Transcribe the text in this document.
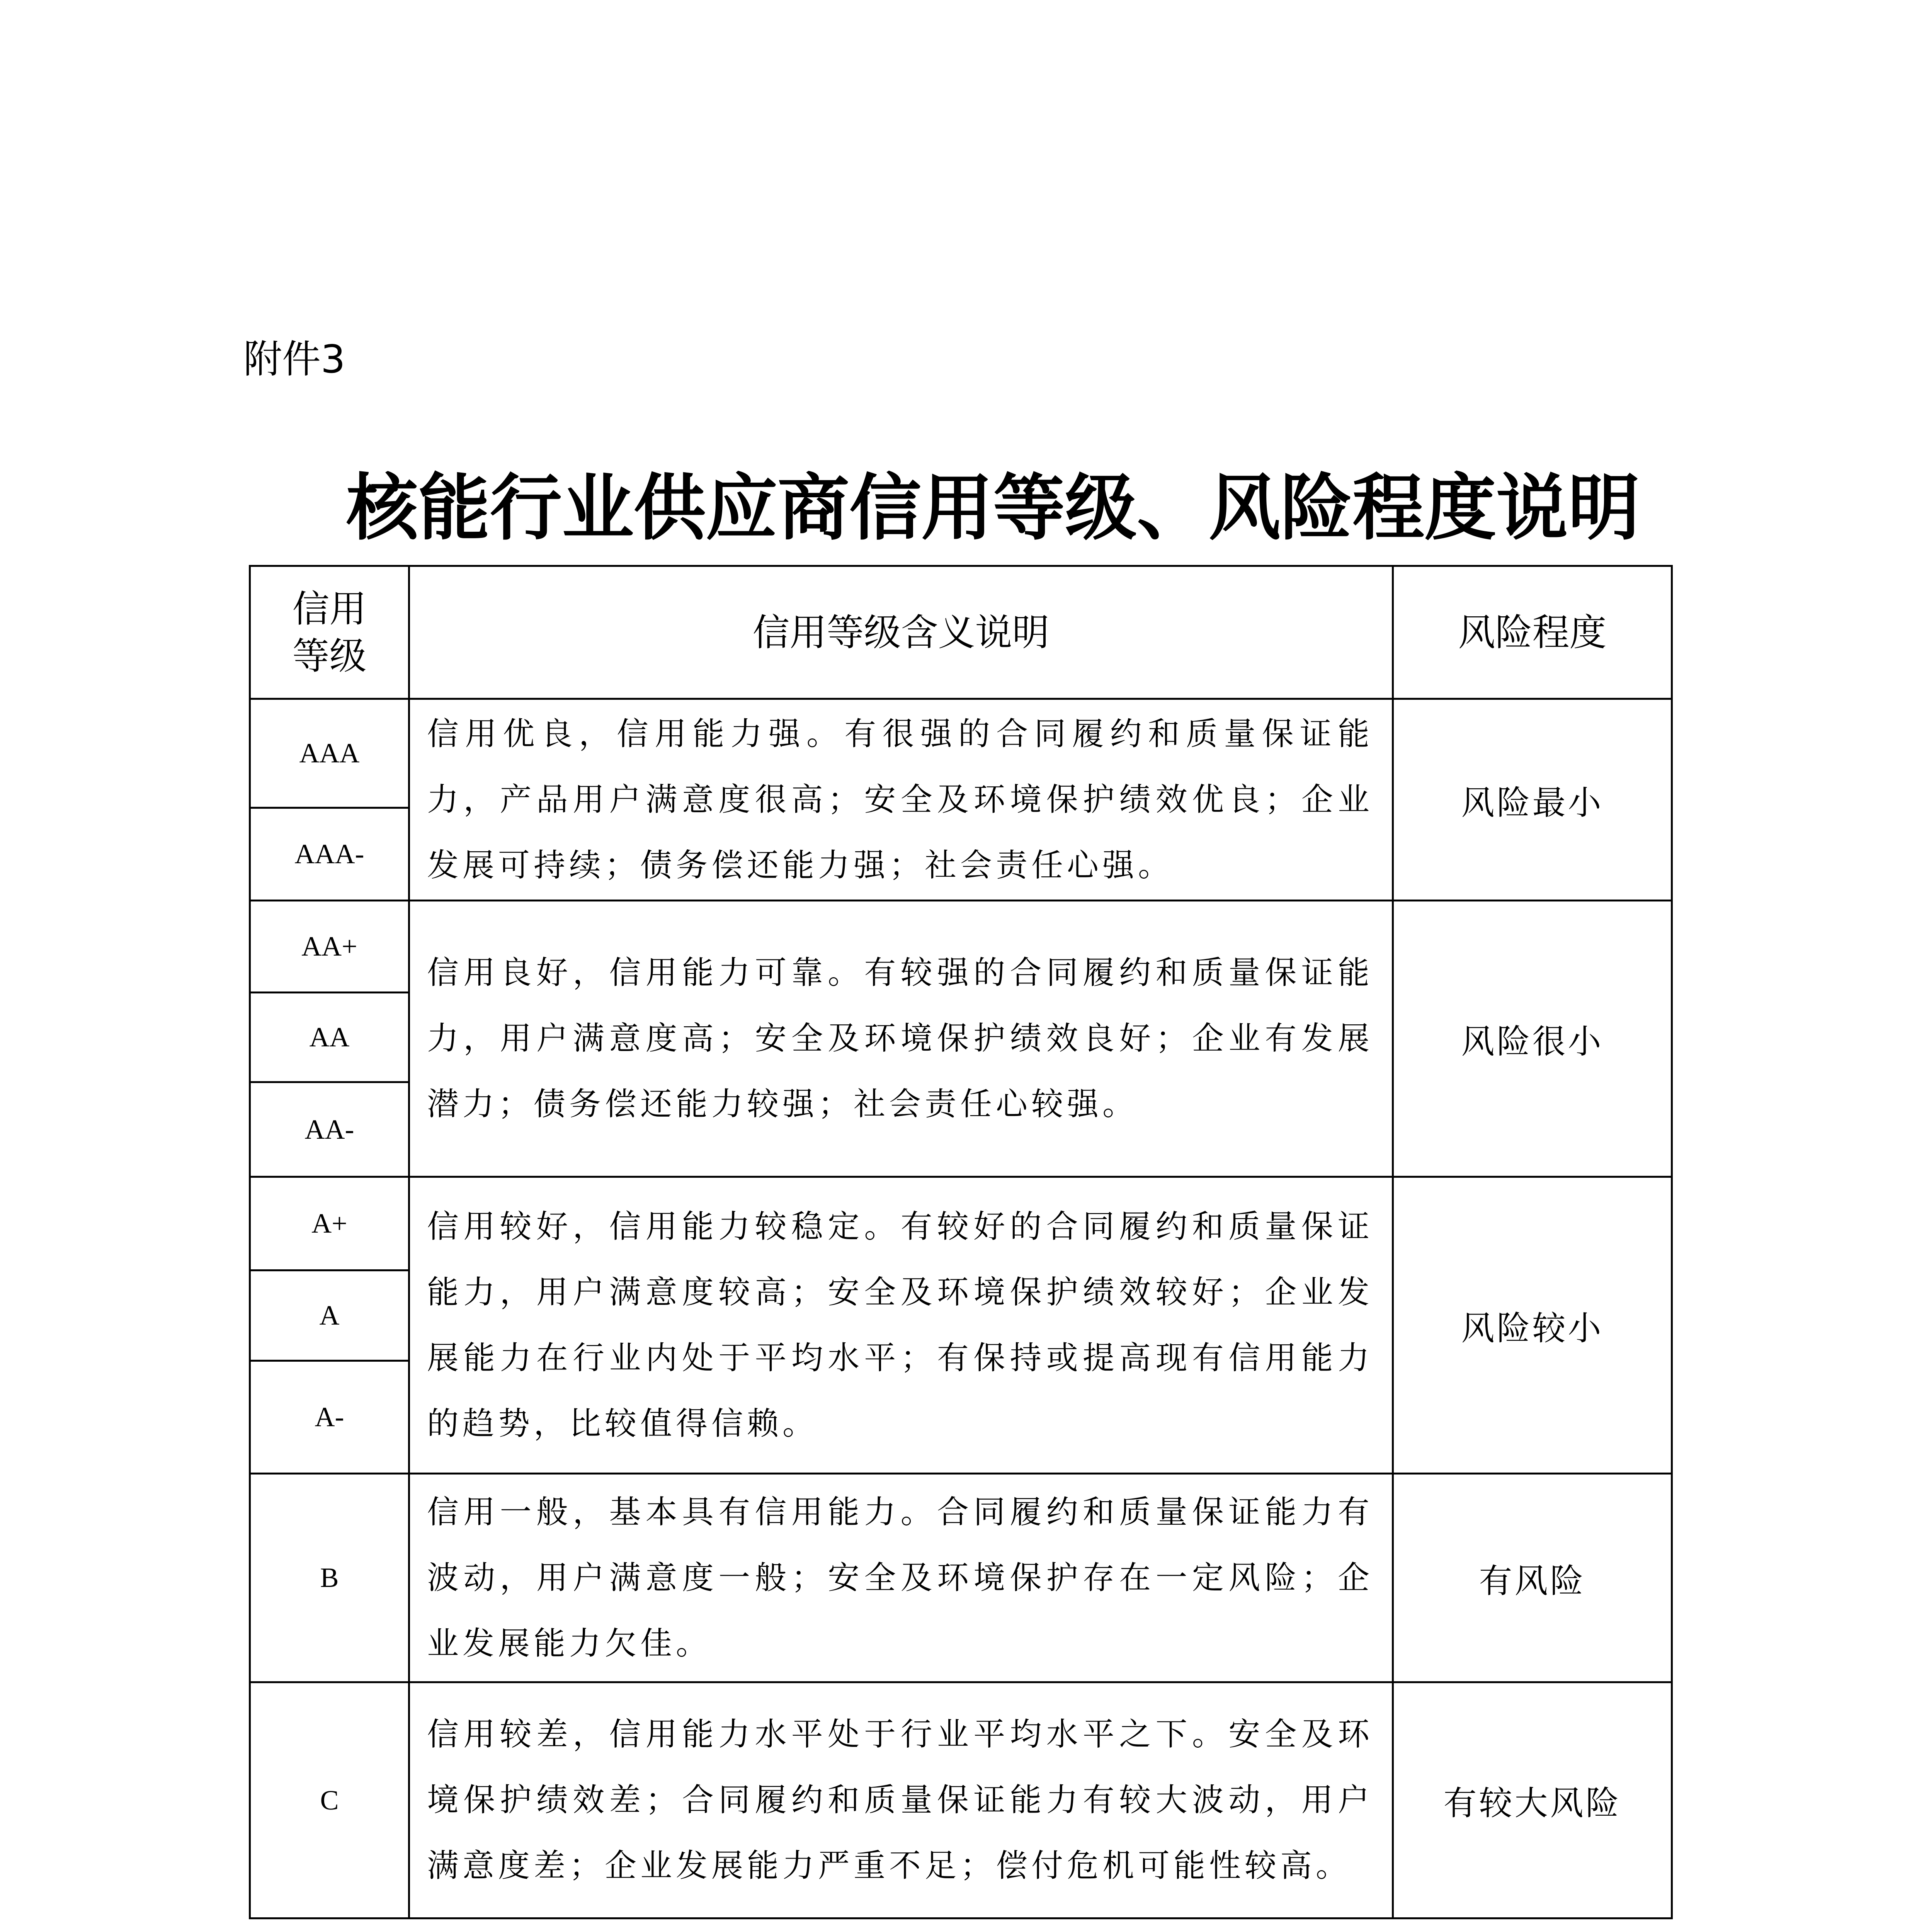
附件3
核能行业供应商信用等级、风险程度说明
信用
等级	信用等级含义说明	风险程度
AAA	信用优良，信用能力强。有很强的合同履约和质量保证能力，产品用户满意度很高；安全及环境保护绩效优良；企业发展可持续；债务偿还能力强；社会责任心强。	风险最小
AAA-		
AA+	信用良好，信用能力可靠。有较强的合同履约和质量保证能力，用户满意度高；安全及环境保护绩效良好；企业有发展潜力；债务偿还能力较强；社会责任心较强。	风险很小
AA		
AA-		
A+	信用较好，信用能力较稳定。有较好的合同履约和质量保证能力，用户满意度较高；安全及环境保护绩效较好；企业发展能力在行业内处于平均水平；有保持或提高现有信用能力的趋势，比较值得信赖。	风险较小
A		
A-		
B	信用一般，基本具有信用能力。合同履约和质量保证能力有波动，用户满意度一般；安全及环境保护存在一定风险；企业发展能力欠佳。	有风险
C	信用较差，信用能力水平处于行业平均水平之下。安全及环境保护绩效差；合同履约和质量保证能力有较大波动，用户满意度差；企业发展能力严重不足；偿付危机可能性较高。	有较大风险
